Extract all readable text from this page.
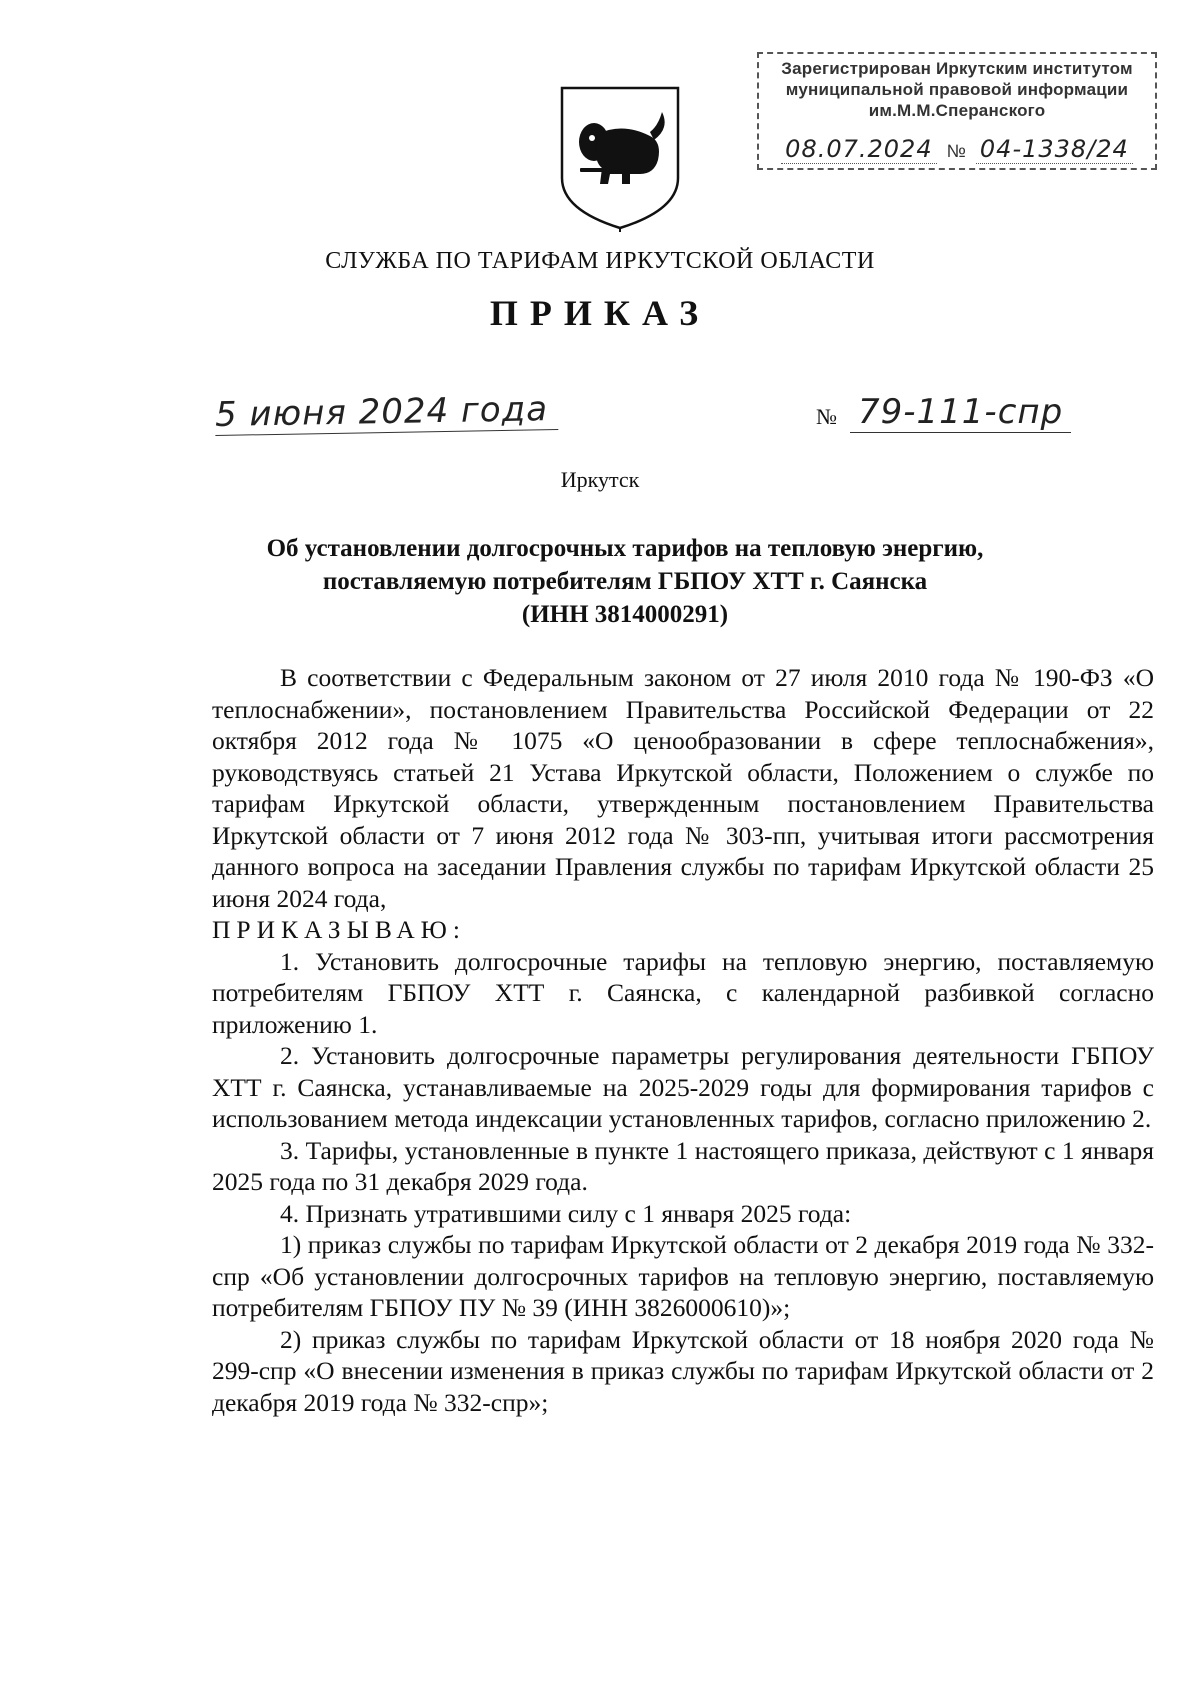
Зарегистрирован Иркутским институтом
муниципальной правовой информации
им.М.М.Сперанского
08.07.2024 № 04-1338/24
СЛУЖБА ПО ТАРИФАМ ИРКУТСКОЙ ОБЛАСТИ
ПРИКАЗ
5 июня 2024 года	№ 79-111-спр
Иркутск
Об установлении долгосрочных тарифов на тепловую энергию,
поставляемую потребителям ГБПОУ ХТТ г. Саянска
(ИНН 3814000291)

В соответствии с Федеральным законом от 27 июля 2010 года № 190-ФЗ «О теплоснабжении», постановлением Правительства Российской Федерации от 22 октября 2012 года № 1075 «О ценообразовании в сфере теплоснабжения», руководствуясь статьей 21 Устава Иркутской области, Положением о службе по тарифам Иркутской области, утвержденным постановлением Правительства Иркутской области от 7 июня 2012 года № 303-пп, учитывая итоги рассмотрения данного вопроса на заседании Правления службы по тарифам Иркутской области 25 июня 2024 года,

ПРИКАЗЫВАЮ:

1. Установить долгосрочные тарифы на тепловую энергию, поставляемую потребителям ГБПОУ ХТТ г. Саянска, с календарной разбивкой согласно приложению 1.

2. Установить долгосрочные параметры регулирования деятельности ГБПОУ ХТТ г. Саянска, устанавливаемые на 2025-2029 годы для формирования тарифов с использованием метода индексации установленных тарифов, согласно приложению 2.

3. Тарифы, установленные в пункте 1 настоящего приказа, действуют с 1 января 2025 года по 31 декабря 2029 года.

4. Признать утратившими силу с 1 января 2025 года:

1) приказ службы по тарифам Иркутской области от 2 декабря 2019 года № 332-спр «Об установлении долгосрочных тарифов на тепловую энергию, поставляемую потребителям ГБПОУ ПУ № 39 (ИНН 3826000610)»;

2) приказ службы по тарифам Иркутской области от 18 ноября 2020 года № 299-спр «О внесении изменения в приказ службы по тарифам Иркутской области от 2 декабря 2019 года № 332-спр»;
